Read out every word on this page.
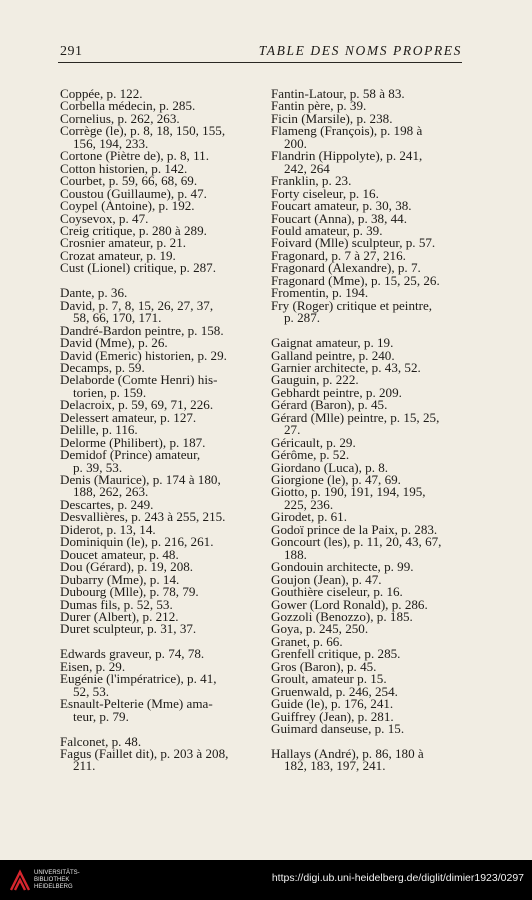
291	TABLE DES NOMS PROPRES
Coppée, p. 122.
Corbella médecin, p. 285.
Cornelius, p. 262, 263.
Corrège (le), p. 8, 18, 150, 155,
156, 194, 233.
Cortone (Piètre de), p. 8, 11.
Cotton historien, p. 142.
Courbet, p. 59, 66, 68, 69.
Coustou (Guillaume), p. 47.
Coypel (Antoine), p. 192.
Coysevox, p. 47.
Creig critique, p. 280 à 289.
Crosnier amateur, p. 21.
Crozat amateur, p. 19.
Cust (Lionel) critique, p. 287.
Dante, p. 36.
David, p. 7, 8, 15, 26, 27, 37,
58, 66, 170, 171.
Dandré-Bardon peintre, p. 158.
David (Mme), p. 26.
David (Emeric) historien, p. 29.
Decamps, p. 59.
Delaborde (Comte Henri) his-
torien, p. 159.
Delacroix, p. 59, 69, 71, 226.
Delessert amateur, p. 127.
Delille, p. 116.
Delorme (Philibert), p. 187.
Demidof (Prince) amateur,
p. 39, 53.
Denis (Maurice), p. 174 à 180,
188, 262, 263.
Descartes, p. 249.
Desvallières, p. 243 à 255, 215.
Diderot, p. 13, 14.
Dominiquin (le), p. 216, 261.
Doucet amateur, p. 48.
Dou (Gérard), p. 19, 208.
Dubarry (Mme), p. 14.
Dubourg (Mlle), p. 78, 79.
Dumas fils, p. 52, 53.
Durer (Albert), p. 212.
Duret sculpteur, p. 31, 37.
Edwards graveur, p. 74, 78.
Eisen, p. 29.
Eugénie (l'impératrice), p. 41,
52, 53.
Esnault-Pelterie (Mme) ama-
teur, p. 79.
Falconet, p. 48.
Fagus (Faillet dit), p. 203 à 208,
211.
Fantin-Latour, p. 58 à 83.
Fantin père, p. 39.
Ficin (Marsile), p. 238.
Flameng (François), p. 198 à
200.
Flandrin (Hippolyte), p. 241,
242, 264
Franklin, p. 23.
Forty ciseleur, p. 16.
Foucart amateur, p. 30, 38.
Foucart (Anna), p. 38, 44.
Fould amateur, p. 39.
Foivard (Mlle) sculpteur, p. 57.
Fragonard, p. 7 à 27, 216.
Fragonard (Alexandre), p. 7.
Fragonard (Mme), p. 15, 25, 26.
Fromentin, p. 194.
Fry (Roger) critique et peintre,
p. 287.
Gaignat amateur, p. 19.
Galland peintre, p. 240.
Garnier architecte, p. 43, 52.
Gauguin, p. 222.
Gebhardt peintre, p. 209.
Gérard (Baron), p. 45.
Gérard (Mlle) peintre, p. 15, 25,
27.
Géricault, p. 29.
Gérôme, p. 52.
Giordano (Luca), p. 8.
Giorgione (le), p. 47, 69.
Giotto, p. 190, 191, 194, 195,
225, 236.
Girodet, p. 61.
Godoï prince de la Paix, p. 283.
Goncourt (les), p. 11, 20, 43, 67,
188.
Gondouin architecte, p. 99.
Goujon (Jean), p. 47.
Gouthière ciseleur, p. 16.
Gower (Lord Ronald), p. 286.
Gozzoli (Benozzo), p. 185.
Goya, p. 245, 250.
Granet, p. 66.
Grenfell critique, p. 285.
Gros (Baron), p. 45.
Groult, amateur p. 15.
Gruenwald, p. 246, 254.
Guide (le), p. 176, 241.
Guiffrey (Jean), p. 281.
Guimard danseuse, p. 15.
Hallays (André), p. 86, 180 à
182, 183, 197, 241.
UNIVERSITÄTS-
BIBLIOTHEK
HEIDELBERG
https://digi.ub.uni-heidelberg.de/diglit/dimier1923/0297
